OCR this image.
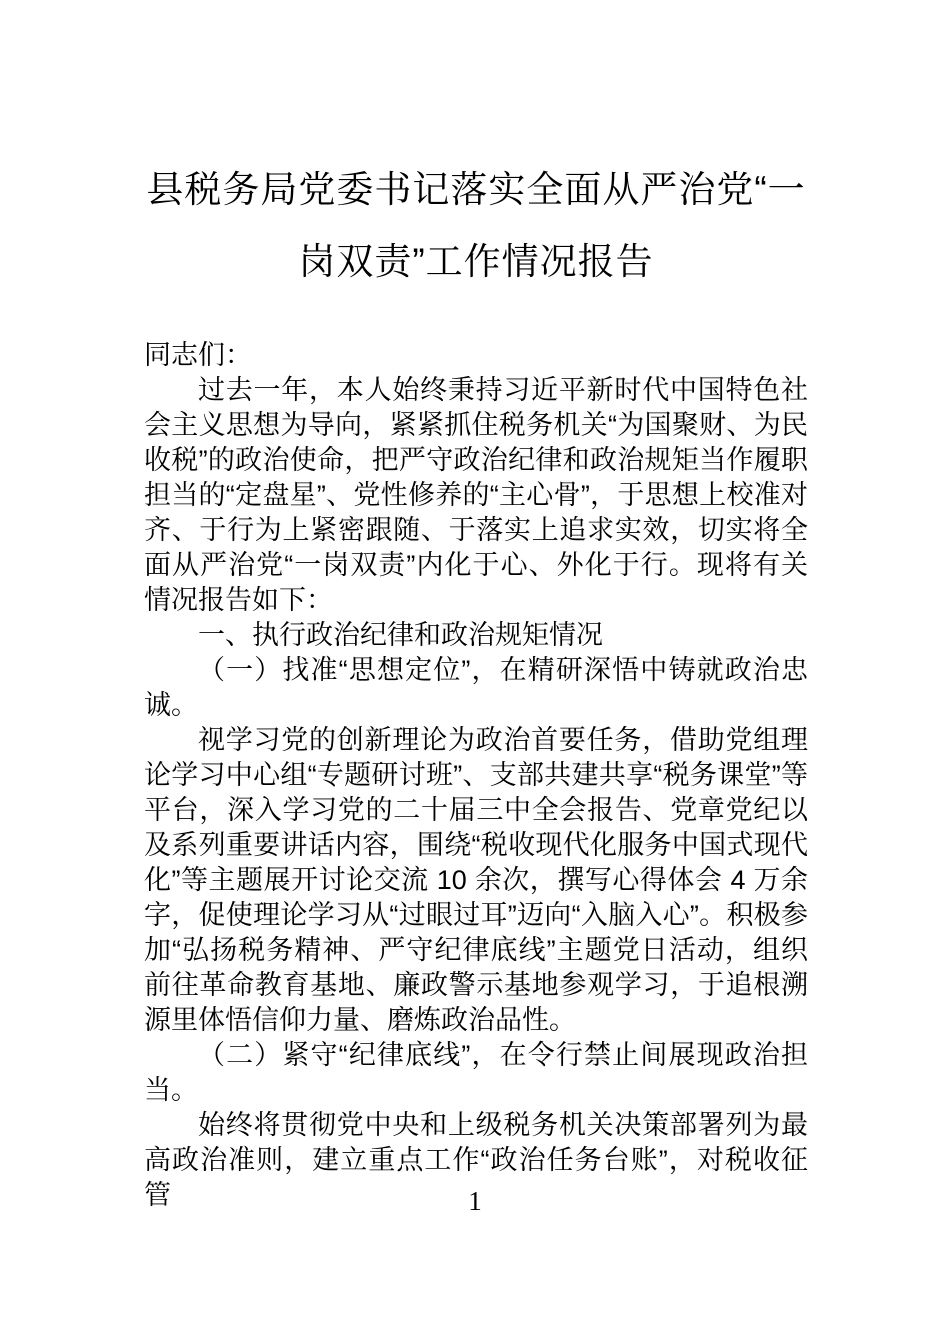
县税务局党委书记落实全面从严治党“一岗双责”工作情况报告

同志们：

过去一年，本人始终秉持习近平新时代中国特色社会主义思想为导向，紧紧抓住税务机关“为国聚财、为民收税”的政治使命，把严守政治纪律和政治规矩当作履职担当的“定盘星”、党性修养的“主心骨”，于思想上校准对齐、于行为上紧密跟随、于落实上追求实效，切实将全面从严治党“一岗双责”内化于心、外化于行。现将有关情况报告如下：

一、执行政治纪律和政治规矩情况

（一）找准“思想定位”，在精研深悟中铸就政治忠诚。

视学习党的创新理论为政治首要任务，借助党组理论学习中心组“专题研讨班”、支部共建共享“税务课堂”等平台，深入学习党的二十届三中全会报告、党章党纪以及系列重要讲话内容，围绕“税收现代化服务中国式现代化”等主题展开讨论交流 10 余次，撰写心得体会 4 万余字，促使理论学习从“过眼过耳”迈向“入脑入心”。积极参加“弘扬税务精神、严守纪律底线”主题党日活动，组织前往革命教育基地、廉政警示基地参观学习，于追根溯源里体悟信仰力量、磨炼政治品性。

（二）紧守“纪律底线”，在令行禁止间展现政治担当。

始终将贯彻党中央和上级税务机关决策部署列为最高政治准则，建立重点工作“政治任务台账”，对税收征管	1
